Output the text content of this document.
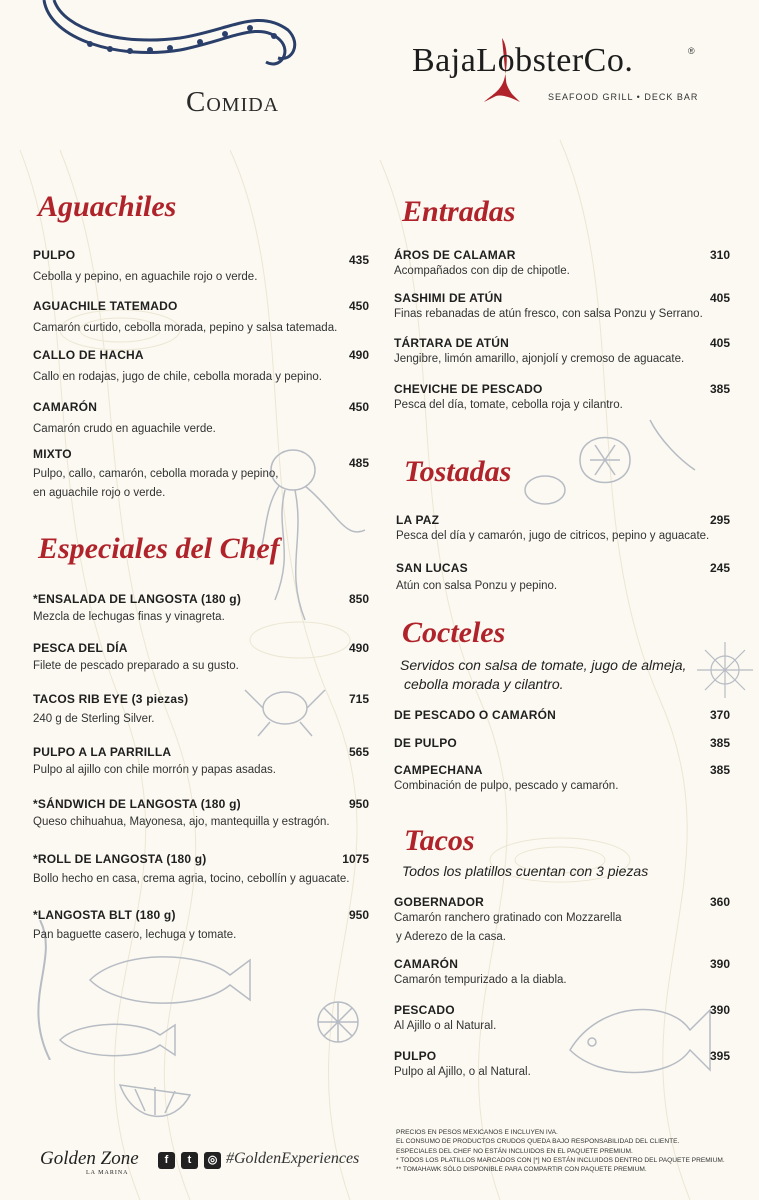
Comida
BajaLobsterCo.	®
SEAFOOD GRILL • DECK BAR
Aguachiles
PULPO
Cebolla y pepino, en aguachile rojo o verde.
435
AGUACHILE TATEMADO
Camarón curtido, cebolla morada, pepino y salsa tatemada.
450
CALLO DE HACHA
Callo en rodajas, jugo de chile, cebolla morada y pepino.
490
CAMARÓN
Camarón crudo en aguachile verde.
450
MIXTO
Pulpo, callo, camarón, cebolla morada y pepino,
en aguachile rojo o verde.
485
Especiales del Chef
*ENSALADA DE LANGOSTA (180 g)
Mezcla de lechugas finas y vinagreta.
850
PESCA DEL DÍA
Filete de pescado preparado a su gusto.
490
TACOS RIB EYE (3 piezas)
240 g de Sterling Silver.
715
PULPO A LA PARRILLA
Pulpo al ajillo con chile morrón y papas asadas.
565
*SÁNDWICH DE LANGOSTA (180 g)
Queso chihuahua, Mayonesa, ajo, mantequilla y estragón.
950
*ROLL DE LANGOSTA (180 g)
Bollo hecho en casa, crema agria, tocino, cebollín y aguacate.
1075
*LANGOSTA BLT (180 g)
Pan baguette casero, lechuga y tomate.
950
Entradas
ÁROS DE CALAMAR
Acompañados con dip de chipotle.
310
SASHIMI DE ATÚN
Finas rebanadas de atún fresco, con salsa Ponzu y Serrano.
405
TÁRTARA DE ATÚN
Jengibre, limón amarillo, ajonjolí y cremoso de aguacate.
405
CHEVICHE DE PESCADO
Pesca del día, tomate, cebolla roja y cilantro.
385
Tostadas
LA PAZ
Pesca del día y camarón, jugo de citricos, pepino y aguacate.
295
SAN LUCAS
Atún con salsa Ponzu y pepino.
245
Cocteles
Servidos con salsa de tomate, jugo de almeja,
cebolla morada y cilantro.
DE PESCADO O CAMARÓN	370
DE PULPO	385
CAMPECHANA
Combinación de pulpo, pescado y camarón.
385
Tacos
Todos los platillos cuentan con 3 piezas
GOBERNADOR
Camarón ranchero gratinado con Mozzarella
y Aderezo de la casa.
360
CAMARÓN
Camarón tempurizado a la diabla.
390
PESCADO
Al Ajillo o al Natural.
390
PULPO
Pulpo al Ajillo, o al Natural.
395
PRECIOS EN PESOS MEXICANOS E INCLUYEN IVA.
EL CONSUMO DE PRODUCTOS CRUDOS QUEDA BAJO RESPONSABILIDAD DEL CLIENTE.
ESPECIALES DEL CHEF NO ESTÁN INCLUIDOS EN EL PAQUETE PREMIUM.
* TODOS LOS PLATILLOS MARCADOS CON [*] NO ESTÁN INCLUIDOS DENTRO DEL PAQUETE PREMIUM.
** TOMAHAWK SÓLO DISPONIBLE PARA COMPARTIR CON PAQUETE PREMIUM.
Golden Zone
LA MARINA
f	t	◎ #GoldenExperiences
